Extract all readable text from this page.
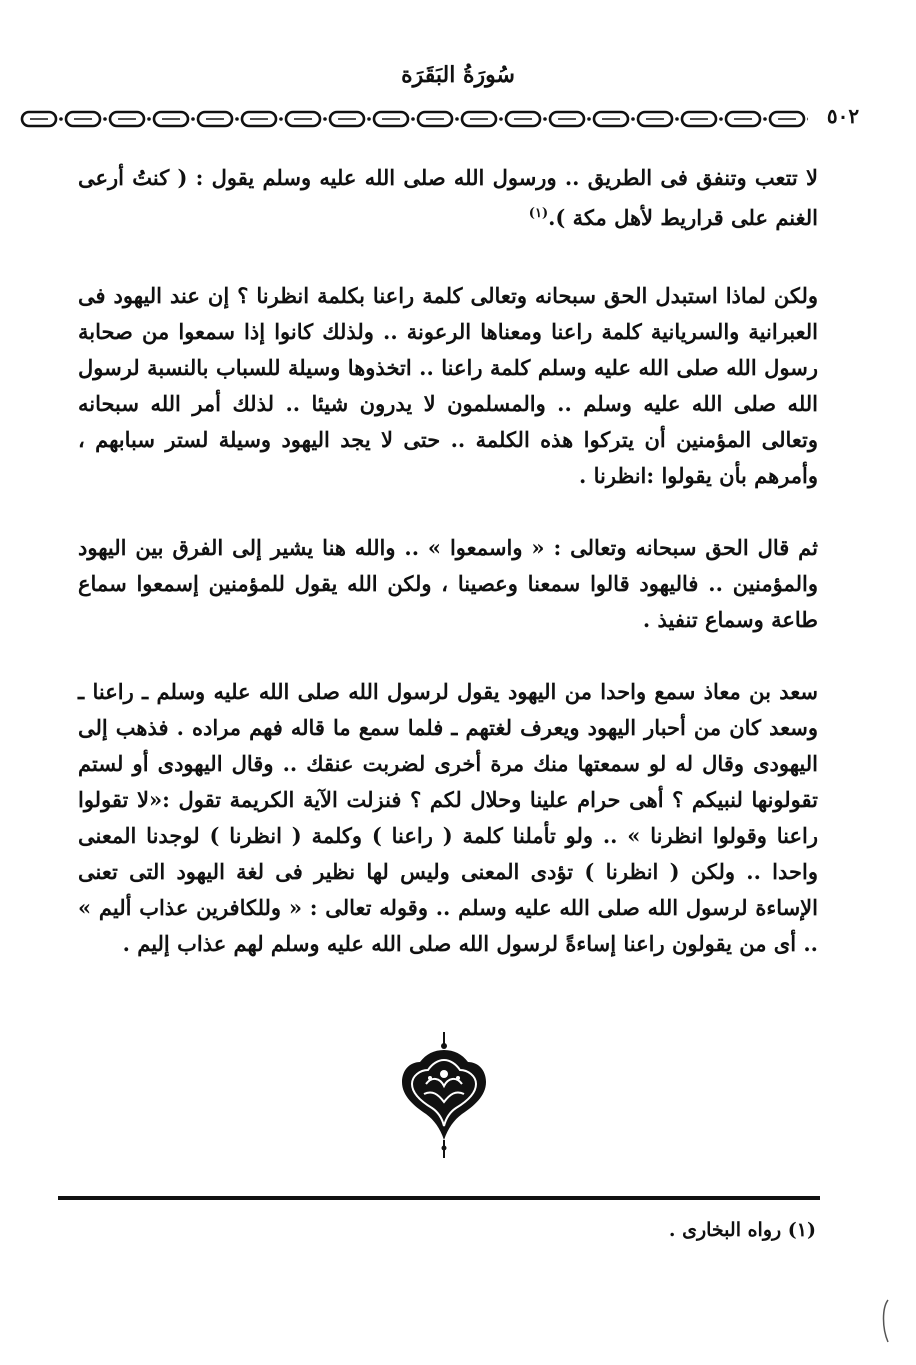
سُورَةُ البَقَرَة
٥٠٢

لا تتعب وتنفق فى الطريق .. ورسول الله صلى الله عليه وسلم يقول : ( كنتُ أرعى الغنم على قراريط لأهل مكة ).$^{(١)}$

ولكن لماذا استبدل الحق سبحانه وتعالى كلمة راعنا بكلمة انظرنا ؟ إن عند اليهود فى العبرانية والسريانية كلمة راعنا ومعناها الرعونة .. ولذلك كانوا إذا سمعوا من صحابة رسول الله صلى الله عليه وسلم كلمة راعنا .. اتخذوها وسيلة للسباب بالنسبة لرسول الله صلى الله عليه وسلم .. والمسلمون لا يدرون شيئا .. لذلك أمر الله سبحانه وتعالى المؤمنين أن يتركوا هذه الكلمة .. حتى لا يجد اليهود وسيلة لستر سبابهم ، وأمرهم بأن يقولوا :انظرنا .

ثم قال الحق سبحانه وتعالى : « واسمعوا » .. والله هنا يشير إلى الفرق بين اليهود والمؤمنين .. فاليهود قالوا سمعنا وعصينا ، ولكن الله يقول للمؤمنين إسمعوا سماع طاعة وسماع تنفيذ .

سعد بن معاذ سمع واحدا من اليهود يقول لرسول الله صلى الله عليه وسلم ـ راعنا ـ وسعد كان من أحبار اليهود ويعرف لغتهم ـ فلما سمع ما قاله فهم مراده . فذهب إلى اليهودى وقال له لو سمعتها منك مرة أخرى لضربت عنقك .. وقال اليهودى أو لستم تقولونها لنبيكم ؟ أهى حرام علينا وحلال لكم ؟ فنزلت الآية الكريمة تقول :«لا تقولوا راعنا وقولوا انظرنا » .. ولو تأملنا كلمة ( راعنا ) وكلمة ( انظرنا ) لوجدنا المعنى واحدا .. ولكن ( انظرنا ) تؤدى المعنى وليس لها نظير فى لغة اليهود التى تعنى الإساءة لرسول الله صلى الله عليه وسلم .. وقوله تعالى : « وللكافرين عذاب أليم » .. أى من يقولون راعنا إساءةً لرسول الله صلى الله عليه وسلم لهم عذاب إليم .

(١) رواه البخارى .
